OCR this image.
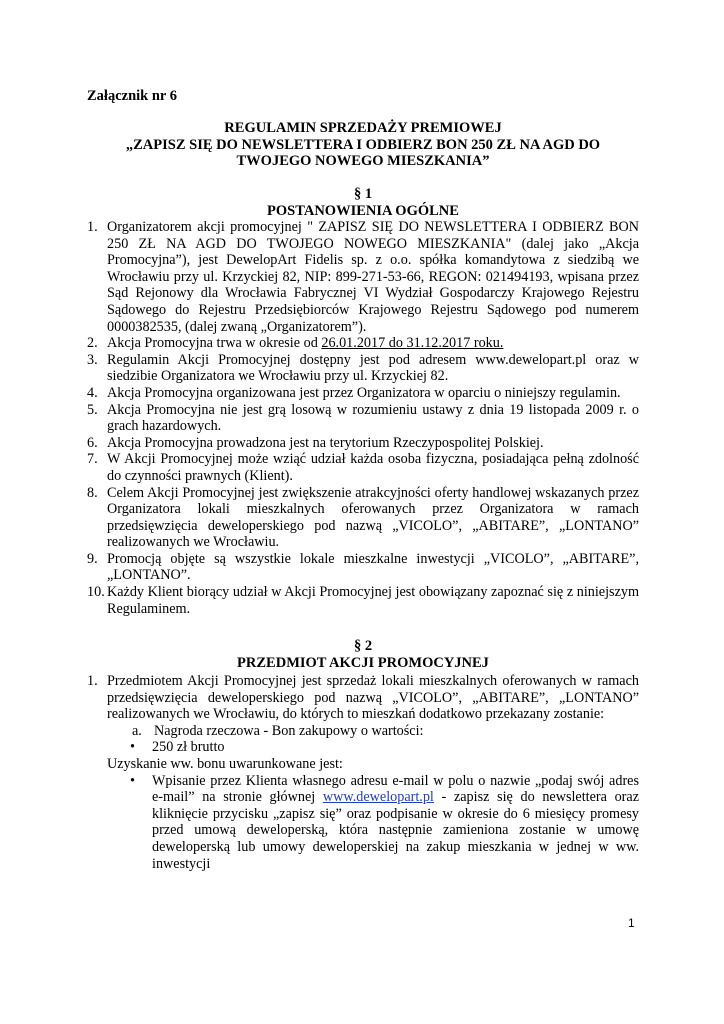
Załącznik nr 6
REGULAMIN SPRZEDAŻY PREMIOWEJ
„ZAPISZ SIĘ DO NEWSLETTERA I ODBIERZ BON 250 ZŁ NA AGD DO
TWOJEGO NOWEGO MIESZKANIA”
§ 1
POSTANOWIENIA OGÓLNE
1. Organizatorem akcji promocyjnej " ZAPISZ SIĘ DO NEWSLETTERA I ODBIERZ BON 250 ZŁ NA AGD DO TWOJEGO NOWEGO MIESZKANIA" (dalej jako „Akcja Promocyjna”), jest DewelopArt Fidelis sp. z o.o. spółka komandytowa z siedzibą we Wrocławiu przy ul. Krzyckiej 82, NIP: 899-271-53-66, REGON: 021494193, wpisana przez Sąd Rejonowy dla Wrocławia Fabrycznej VI Wydział Gospodarczy Krajowego Rejestru Sądowego do Rejestru Przedsiębiorców Krajowego Rejestru Sądowego pod numerem 0000382535, (dalej zwaną „Organizatorem”).
2. Akcja Promocyjna trwa w okresie od 26.01.2017 do 31.12.2017 roku.
3. Regulamin Akcji Promocyjnej dostępny jest pod adresem www.dewelopart.pl oraz w siedzibie Organizatora we Wrocławiu przy ul. Krzyckiej 82.
4. Akcja Promocyjna organizowana jest przez Organizatora w oparciu o niniejszy regulamin.
5. Akcja Promocyjna nie jest grą losową w rozumieniu ustawy z dnia 19 listopada 2009 r. o grach hazardowych.
6. Akcja Promocyjna prowadzona jest na terytorium Rzeczypospolitej Polskiej.
7. W Akcji Promocyjnej może wziąć udział każda osoba fizyczna, posiadająca pełną zdolność do czynności prawnych (Klient).
8. Celem Akcji Promocyjnej jest zwiększenie atrakcyjności oferty handlowej wskazanych przez Organizatora lokali mieszkalnych oferowanych przez Organizatora w ramach przedsięwzięcia deweloperskiego pod nazwą „VICOLO”, „ABITARE”, „LONTANO” realizowanych we Wrocławiu.
9. Promocją objęte są wszystkie lokale mieszkalne inwestycji „VICOLO”, „ABITARE”, „LONTANO”.
10. Każdy Klient biorący udział w Akcji Promocyjnej jest obowiązany zapoznać się z niniejszym Regulaminem.
§ 2
PRZEDMIOT AKCJI PROMOCYJNEJ
1. Przedmiotem Akcji Promocyjnej jest sprzedaż lokali mieszkalnych oferowanych w ramach przedsięwzięcia deweloperskiego pod nazwą „VICOLO”, „ABITARE”, „LONTANO” realizowanych we Wrocławiu, do których to mieszkań dodatkowo przekazany zostanie:
a. Nagroda rzeczowa - Bon zakupowy o wartości:
•	250 zł brutto
Uzyskanie ww. bonu uwarunkowane jest:
•	Wpisanie przez Klienta własnego adresu e-mail w polu o nazwie „podaj swój adres e-mail” na stronie głównej www.dewelopart.pl - zapisz się do newslettera oraz kliknięcie przycisku „zapisz się” oraz podpisanie w okresie do 6 miesięcy promesy przed umową deweloperską, która następnie zamieniona zostanie w umowę deweloperską lub umowy deweloperskiej na zakup mieszkania w jednej w ww. inwestycji
1
